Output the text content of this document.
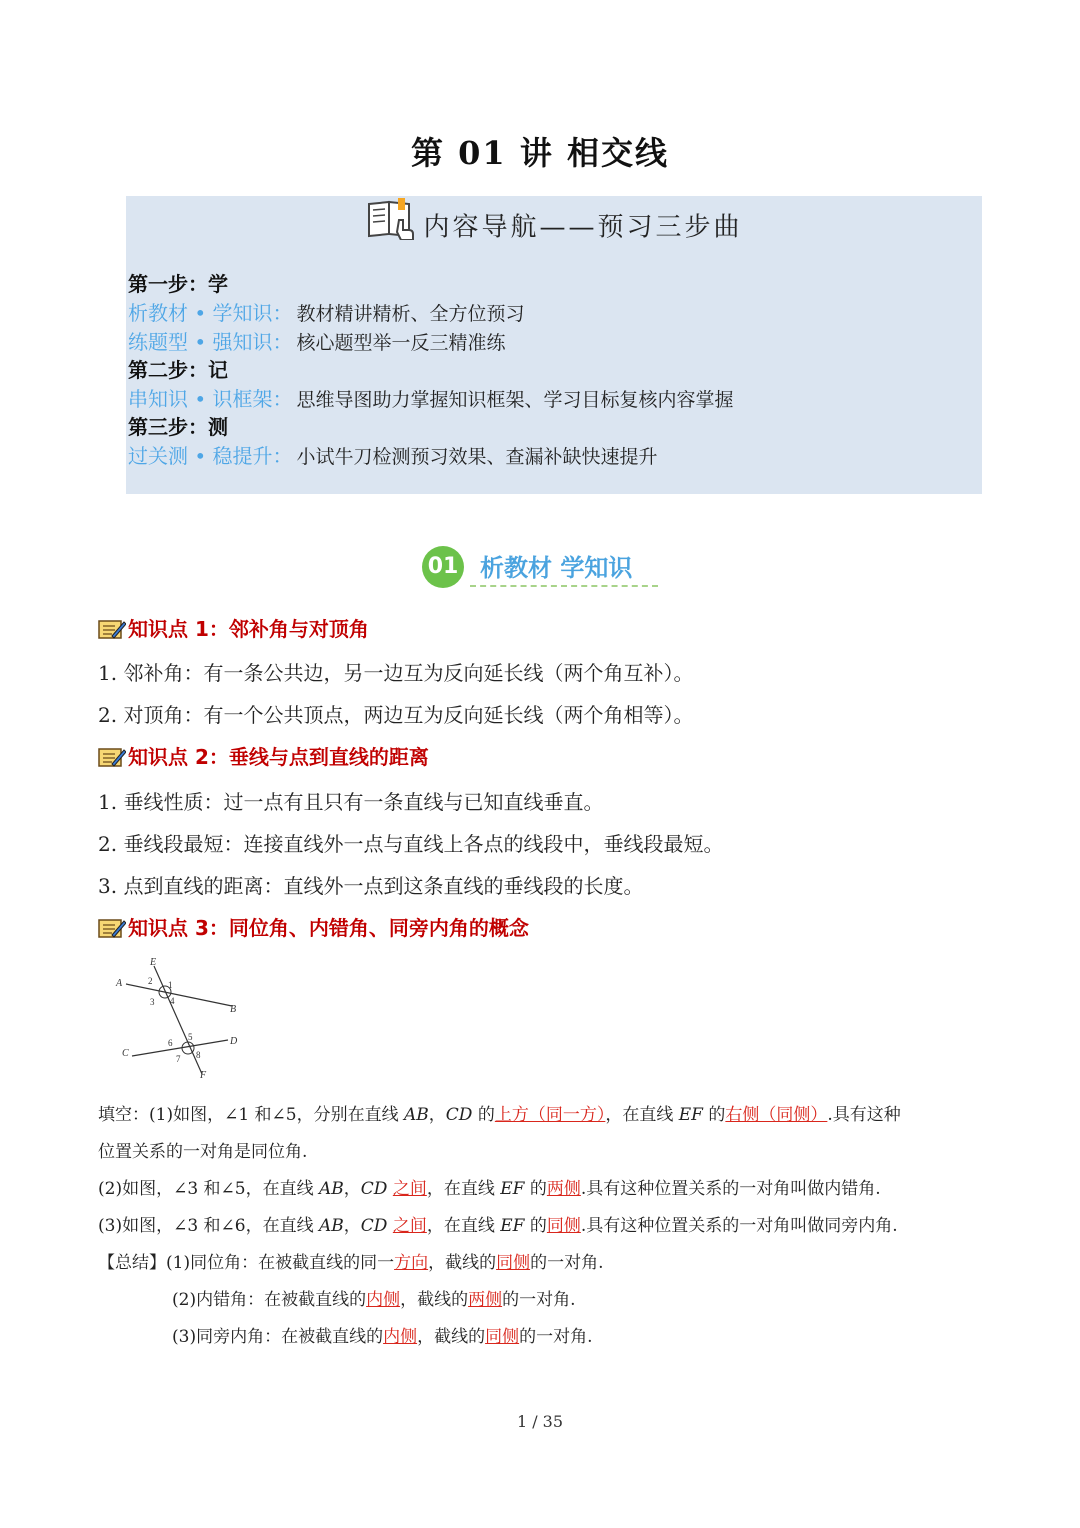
第 01 讲 相交线
内容导航——预习三步曲
第一步：学
析教材 • 学知识： 教材精讲精析、全方位预习
练题型 • 强知识： 核心题型举一反三精准练
第二步：记
串知识 • 识框架： 思维导图助力掌握知识框架、学习目标复核内容掌握
第三步：测
过关测 • 稳提升： 小试牛刀检测预习效果、查漏补缺快速提升
01 析教材 学知识
知识点 1：邻补角与对顶角
1. 邻补角：有一条公共边，另一边互为反向延长线（两个角互补）。
2. 对顶角：有一个公共顶点，两边互为反向延长线（两个角相等）。
知识点 2：垂线与点到直线的距离
1. 垂线性质：过一点有且只有一条直线与已知直线垂直。
2. 垂线段最短：连接直线外一点与直线上各点的线段中，垂线段最短。
3. 点到直线的距离：直线外一点到这条直线的垂线段的长度。
知识点 3：同位角、内错角、同旁内角的概念
E
A
B
C
D
F
1
2
3 4
5
6
7 8
填空：(1)如图，∠1 和∠5，分别在直线 AB，CD 的上方（同一方），在直线 EF 的右侧（同侧）.具有这种
位置关系的一对角是同位角.
(2)如图，∠3 和∠5，在直线 AB，CD 之间，在直线 EF 的两侧.具有这种位置关系的一对角叫做内错角.
(3)如图，∠3 和∠6，在直线 AB，CD 之间，在直线 EF 的同侧.具有这种位置关系的一对角叫做同旁内角.
【总结】(1)同位角：在被截直线的同一方向，截线的同侧的一对角.
(2)内错角：在被截直线的内侧，截线的两侧的一对角.
(3)同旁内角：在被截直线的内侧，截线的同侧的一对角.
1 / 35
